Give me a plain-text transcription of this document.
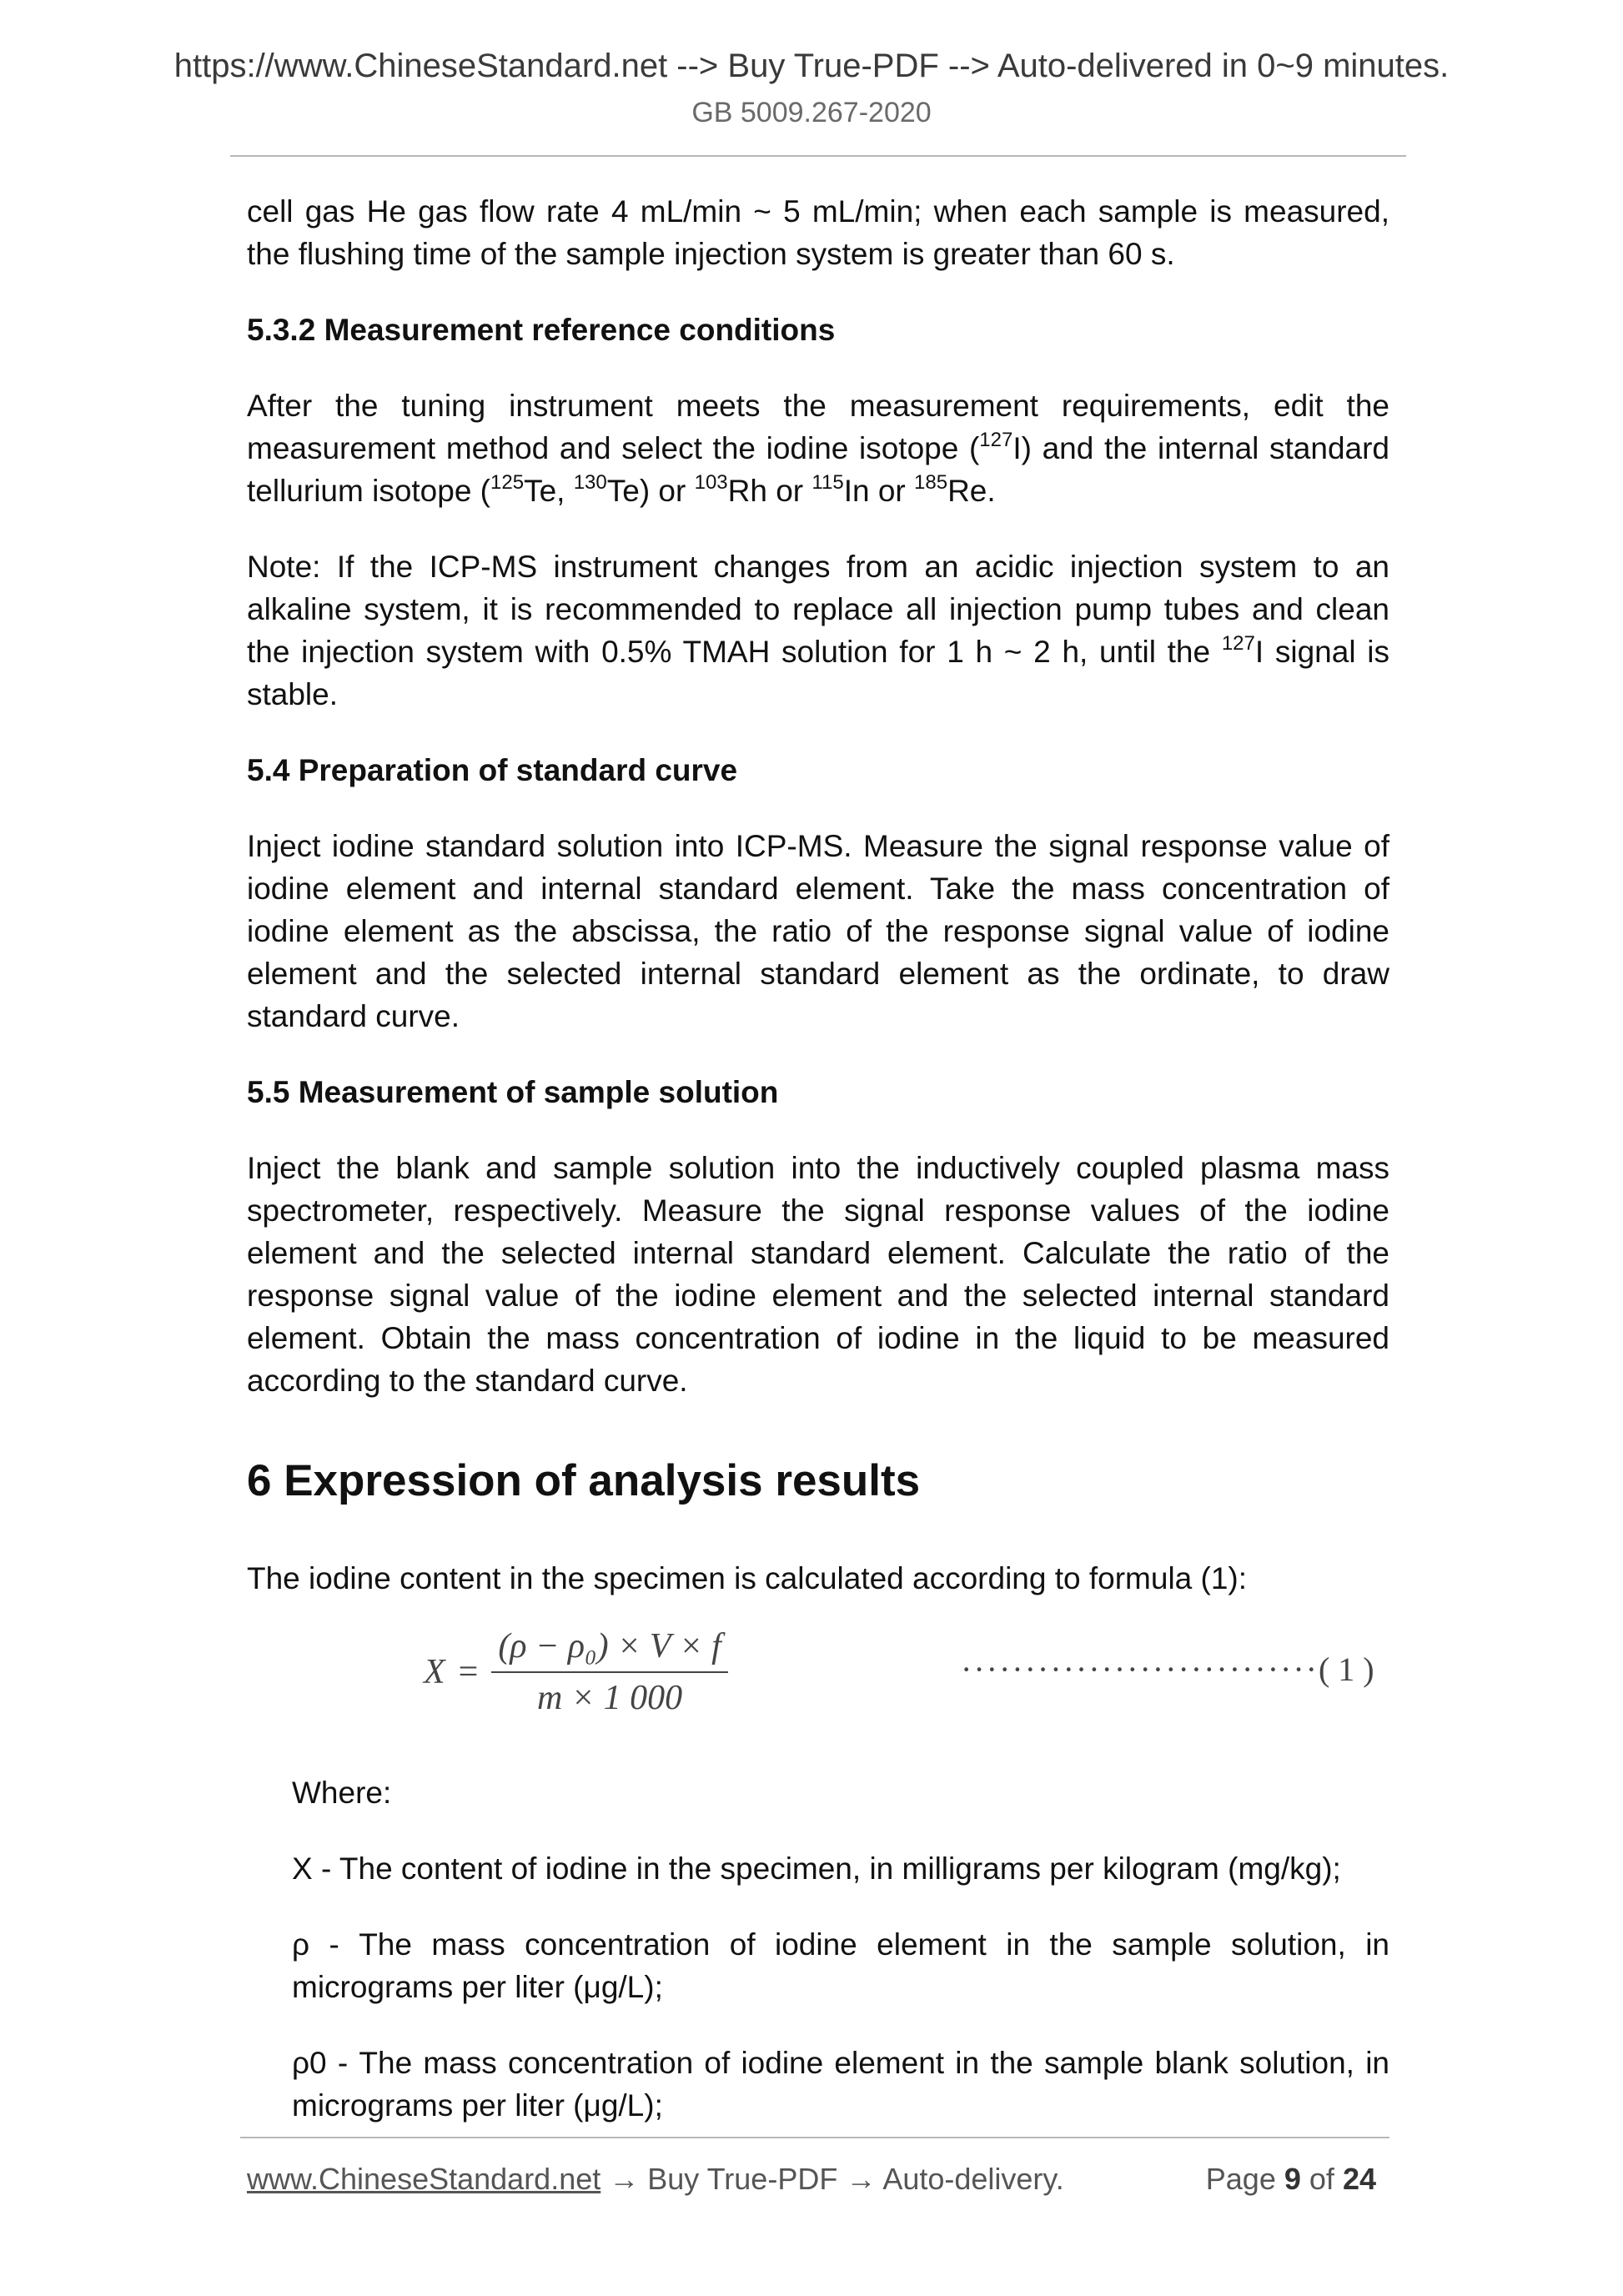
https://www.ChineseStandard.net --> Buy True-PDF --> Auto-delivered in 0~9 minutes.
GB 5009.267-2020

cell gas He gas flow rate 4 mL/min ~ 5 mL/min; when each sample is measured, the flushing time of the sample injection system is greater than 60 s.

5.3.2 Measurement reference conditions

After the tuning instrument meets the measurement requirements, edit the measurement method and select the iodine isotope ($^{127}$I) and the internal standard tellurium isotope ($^{125}$Te, $^{130}$Te) or $^{103}$Rh or $^{115}$In or $^{185}$Re.

Note: If the ICP-MS instrument changes from an acidic injection system to an alkaline system, it is recommended to replace all injection pump tubes and clean the injection system with 0.5% TMAH solution for 1 h ~ 2 h, until the $^{127}$I signal is stable.

5.4 Preparation of standard curve

Inject iodine standard solution into ICP-MS. Measure the signal response value of iodine element and internal standard element. Take the mass concentration of iodine element as the abscissa, the ratio of the response signal value of iodine element and the selected internal standard element as the ordinate, to draw standard curve.

5.5 Measurement of sample solution

Inject the blank and sample solution into the inductively coupled plasma mass spectrometer, respectively. Measure the signal response values of the iodine element and the selected internal standard element. Calculate the ratio of the response signal value of the iodine element and the selected internal standard element. Obtain the mass concentration of iodine in the liquid to be measured according to the standard curve.

6 Expression of analysis results

The iodine content in the specimen is calculated according to formula (1):

$X = \frac{\text{(ρ − ρ₀) × V × f}}{m \times 1 000}$	····························( 1 )

Where:

X - The content of iodine in the specimen, in milligrams per kilogram (mg/kg);

ρ - The mass concentration of iodine element in the sample solution, in micrograms per liter (μg/L);

ρ0 - The mass concentration of iodine element in the sample blank solution, in micrograms per liter (μg/L);

www.ChineseStandard.net → Buy True-PDF → Auto-delivery.	Page 9 of 24
